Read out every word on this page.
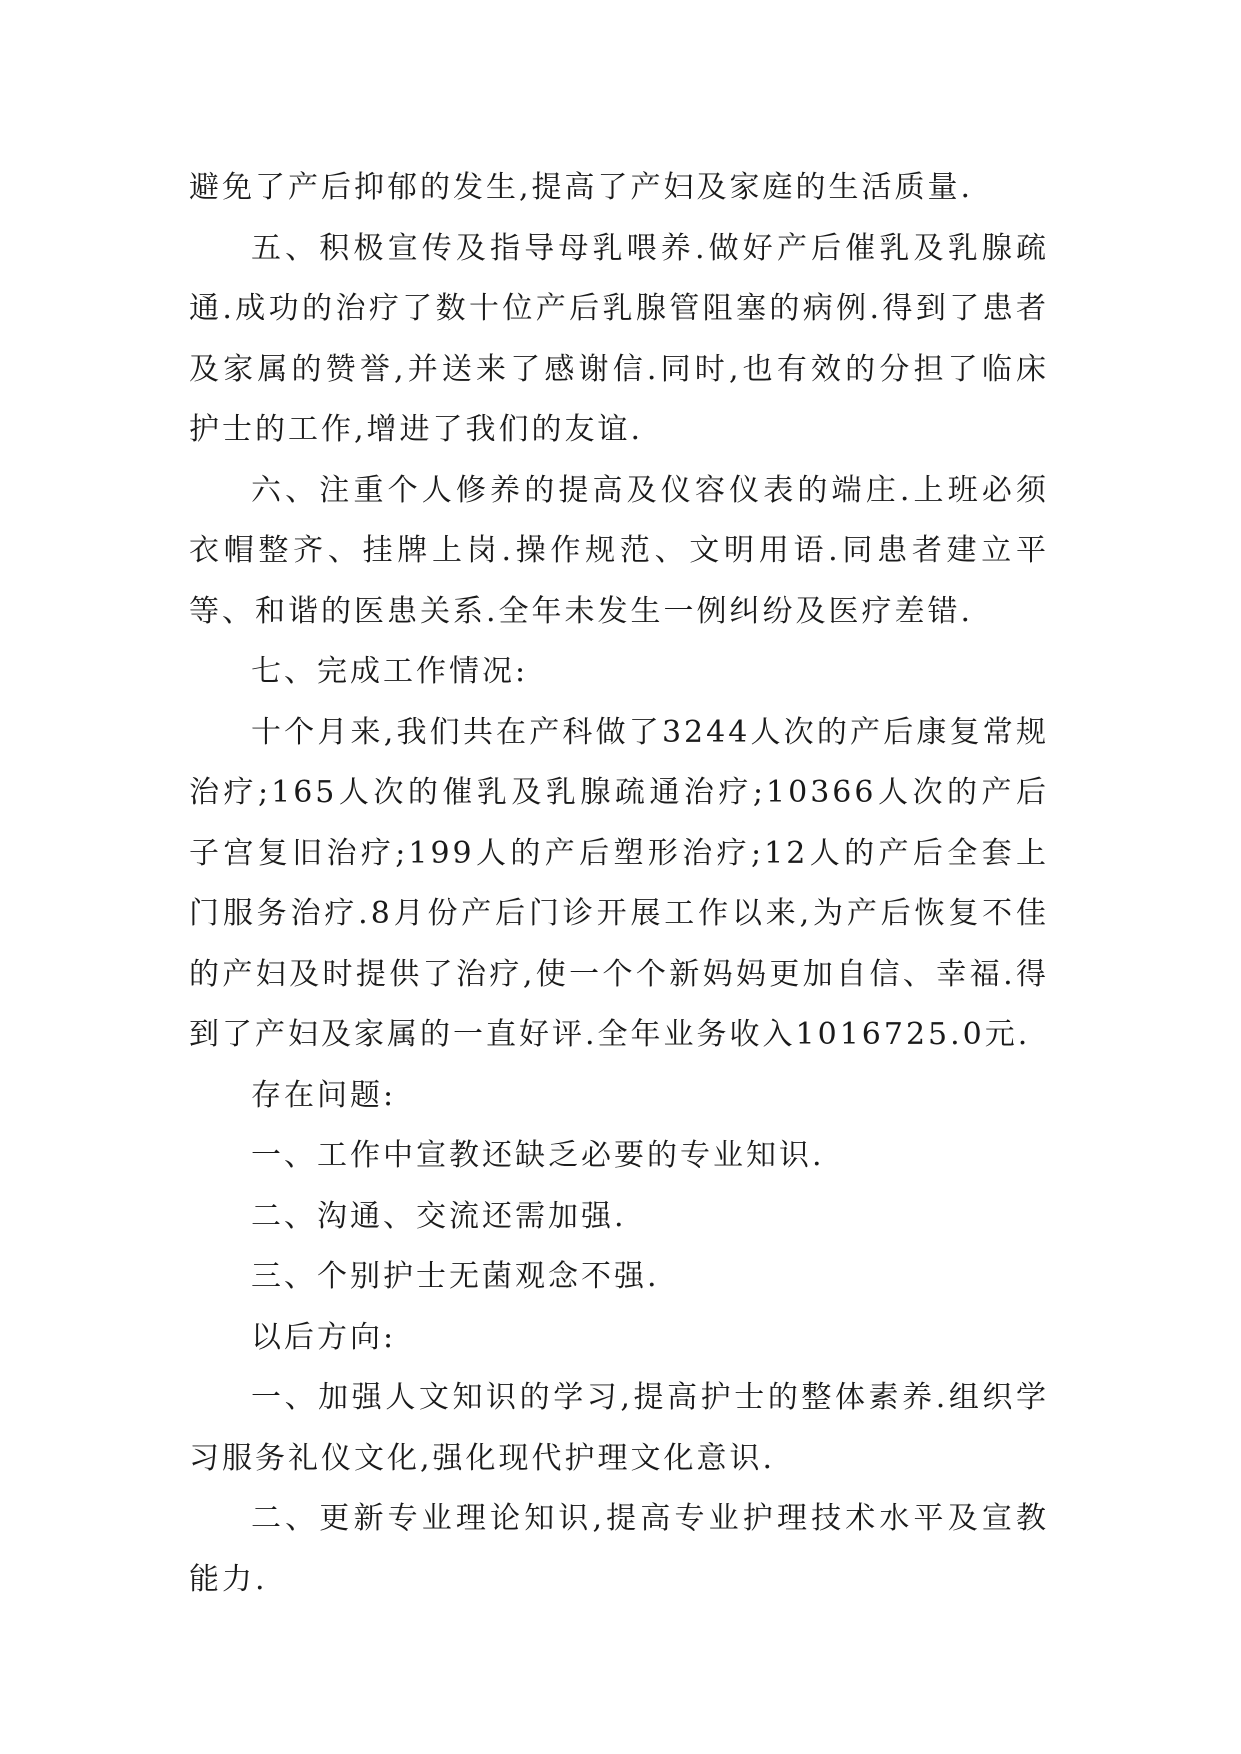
避免了产后抑郁的发生,提高了产妇及家庭的生活质量.

五、积极宣传及指导母乳喂养.做好产后催乳及乳腺疏通.成功的治疗了数十位产后乳腺管阻塞的病例.得到了患者及家属的赞誉,并送来了感谢信.同时,也有效的分担了临床护士的工作,增进了我们的友谊.

六、注重个人修养的提高及仪容仪表的端庄.上班必须衣帽整齐、挂牌上岗.操作规范、文明用语.同患者建立平等、和谐的医患关系.全年未发生一例纠纷及医疗差错.

七、完成工作情况:

十个月来,我们共在产科做了3244人次的产后康复常规治疗;165人次的催乳及乳腺疏通治疗;10366人次的产后子宫复旧治疗;199人的产后塑形治疗;12人的产后全套上门服务治疗.8月份产后门诊开展工作以来,为产后恢复不佳的产妇及时提供了治疗,使一个个新妈妈更加自信、幸福.得到了产妇及家属的一直好评.全年业务收入1016725.0元.

存在问题:

一、工作中宣教还缺乏必要的专业知识.

二、沟通、交流还需加强.

三、个别护士无菌观念不强.

以后方向:

一、加强人文知识的学习,提高护士的整体素养.组织学习服务礼仪文化,强化现代护理文化意识.

二、更新专业理论知识,提高专业护理技术水平及宣教能力.
